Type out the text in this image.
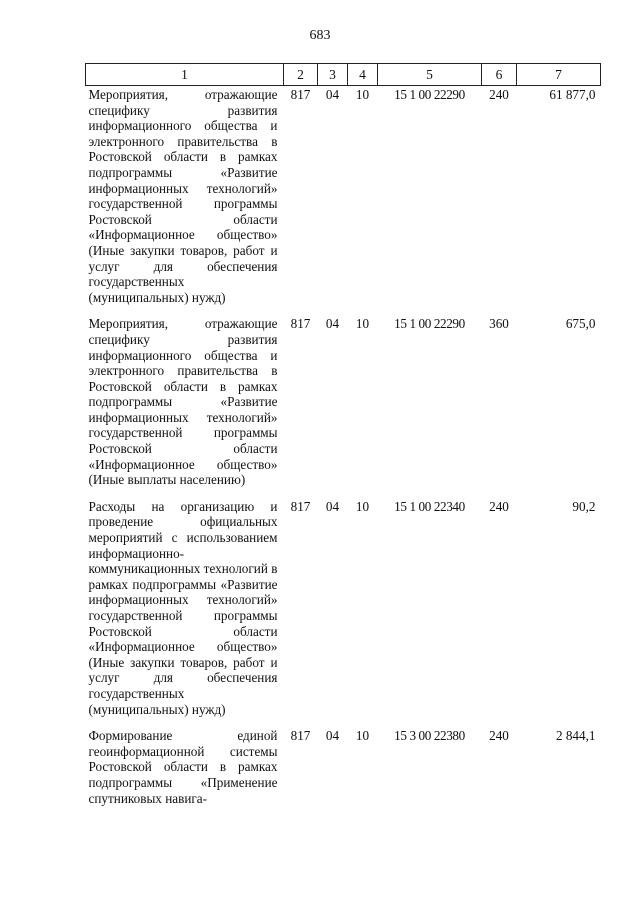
683
1	2	3	4	5	6	7
Мероприятия, отражающие специфику развития информационного общества и электронного правительства в Ростовской области в рамках подпрограммы «Развитие информационных технологий» государственной программы Ростовской области «Информационное общество» (Иные закупки товаров, работ и услуг для обеспечения государственных (муниципальных) нужд)	817	04	10	15 1 00 22290	240	61 877,0
Мероприятия, отражающие специфику развития информационного общества и электронного правительства в Ростовской области в рамках подпрограммы «Развитие информационных технологий» государственной программы Ростовской области «Информационное общество» (Иные выплаты населению)	817	04	10	15 1 00 22290	360	675,0
Расходы на организацию и проведение официальных мероприятий с использованием информационно-коммуникационных технологий в рамках подпрограммы «Развитие информационных технологий» государственной программы Ростовской области «Информационное общество» (Иные закупки товаров, работ и услуг для обеспечения государственных (муниципальных) нужд)	817	04	10	15 1 00 22340	240	90,2
Формирование единой геоинформационной системы Ростовской области в рамках подпрограммы «Применение спутниковых навига-	817	04	10	15 3 00 22380	240	2 844,1
